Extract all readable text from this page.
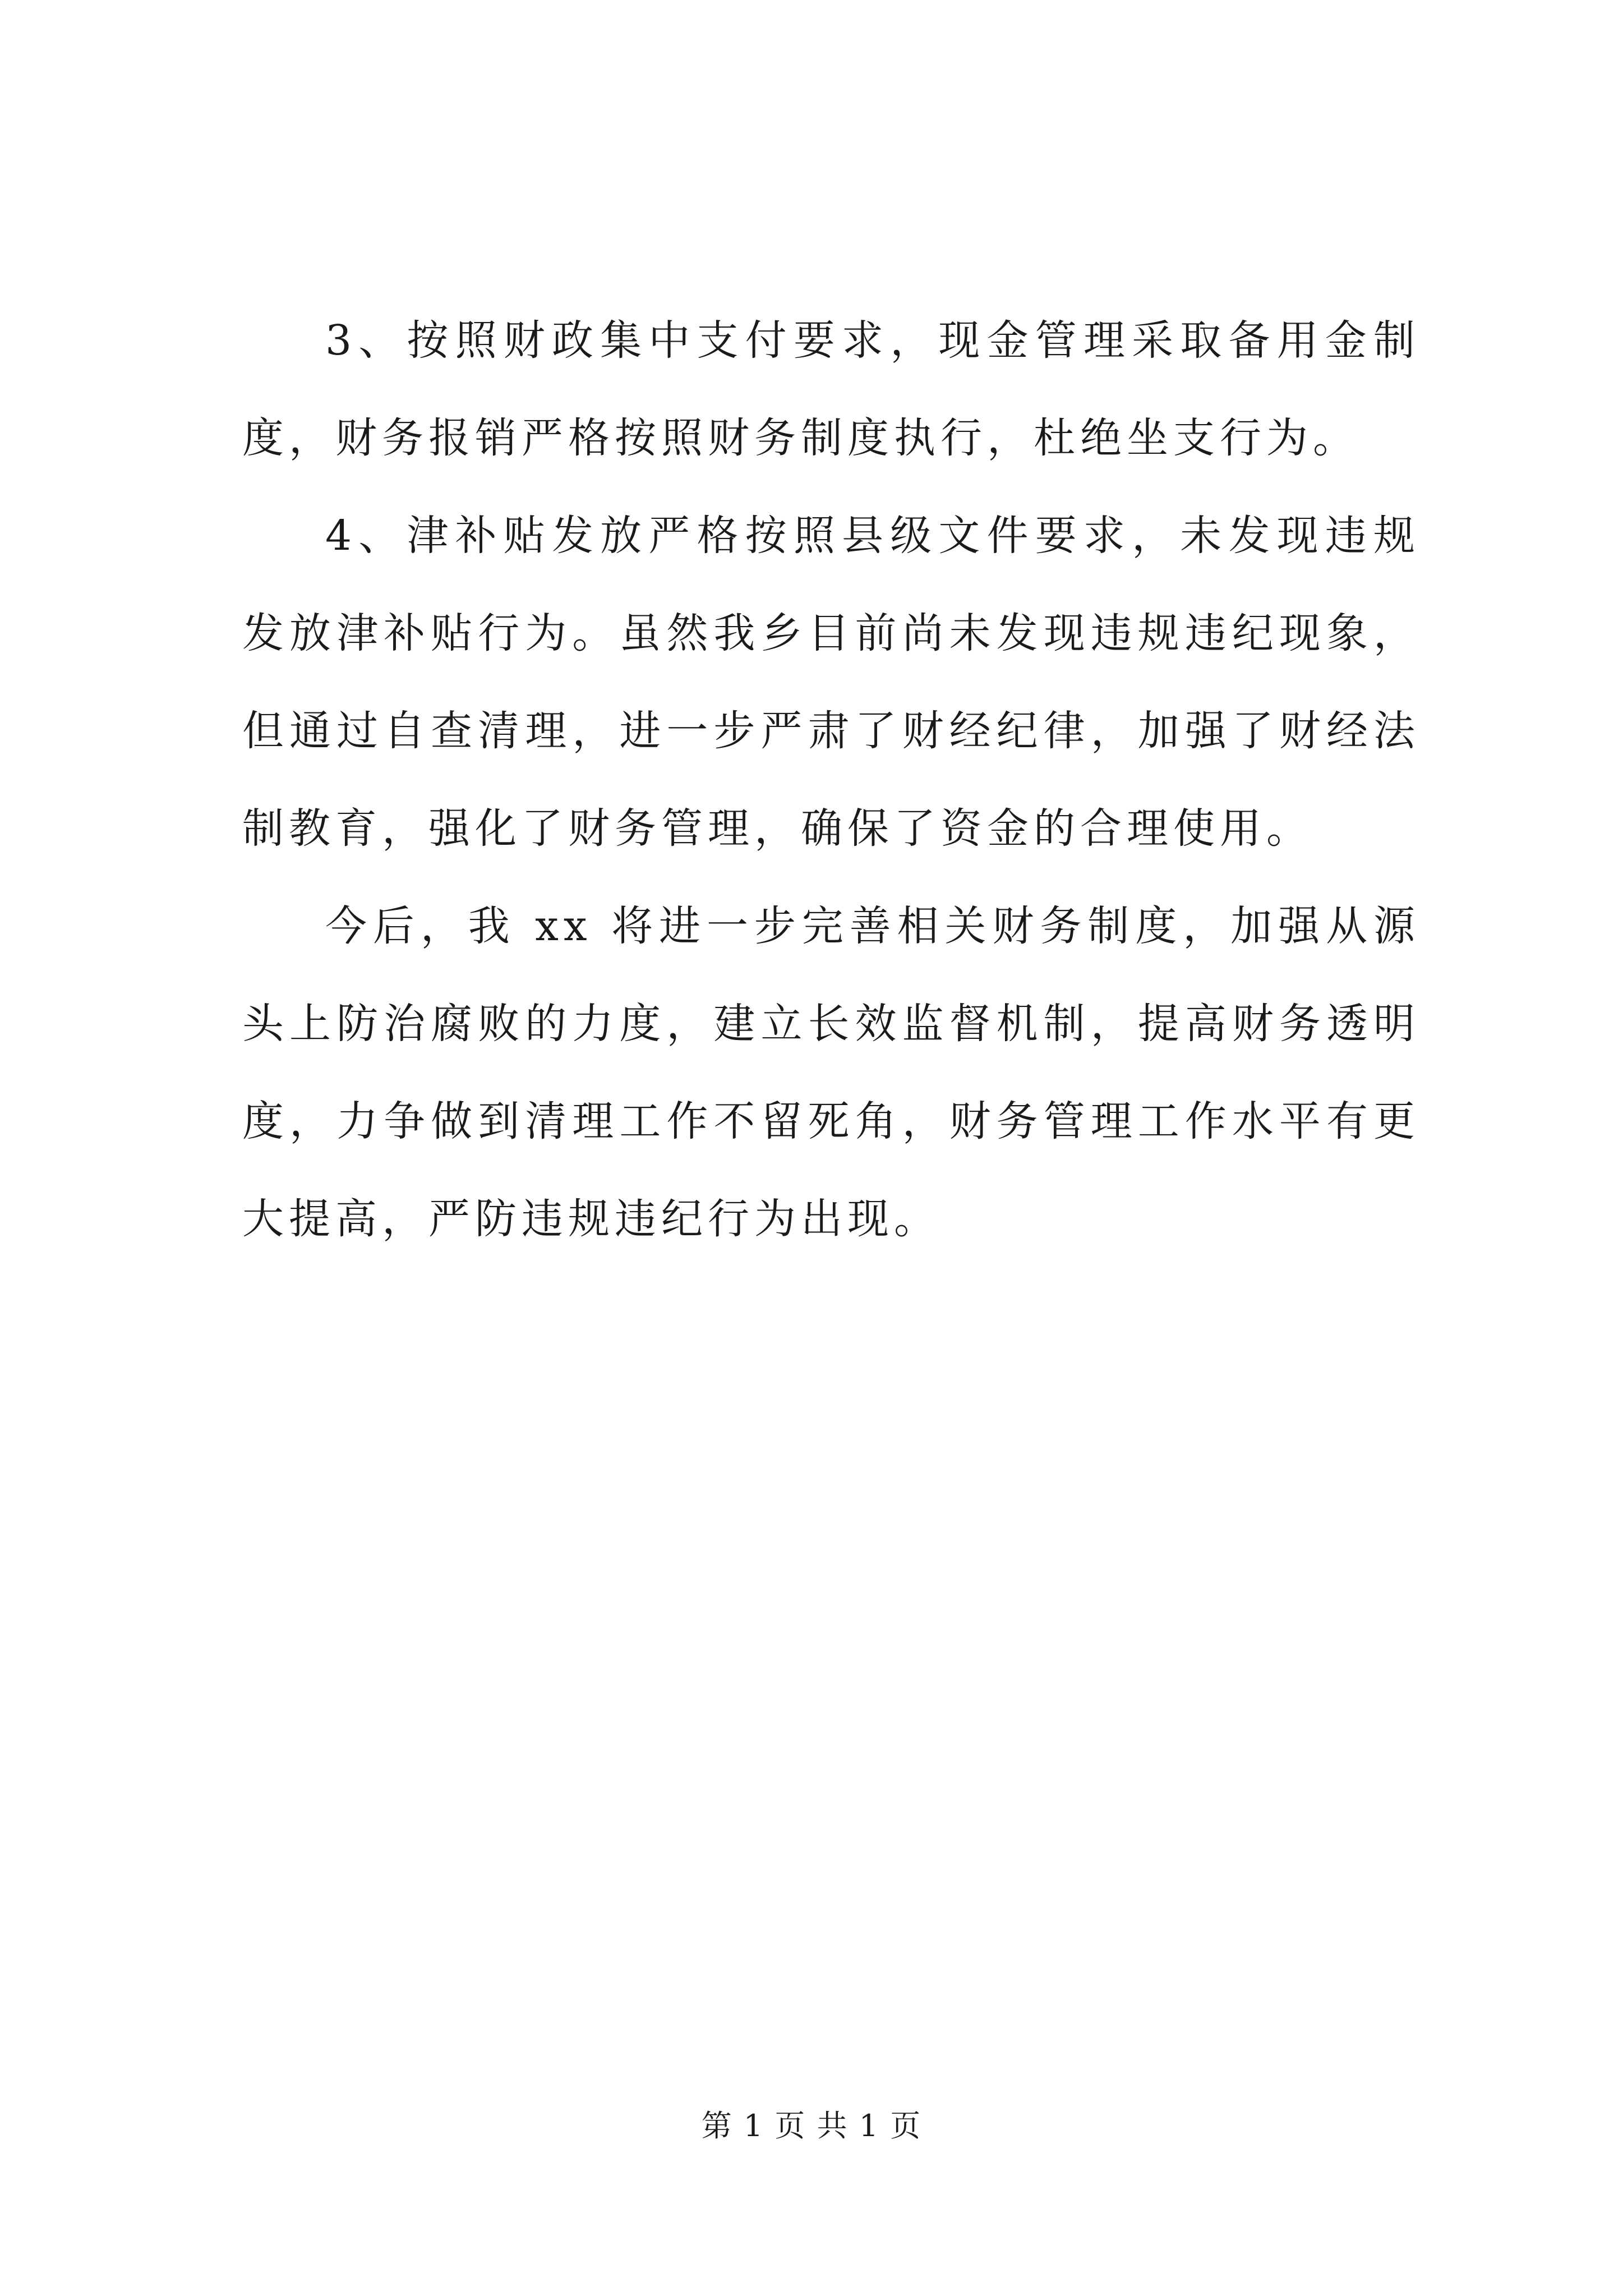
3、按照财政集中支付要求，现金管理采取备用金制度，财务报销严格按照财务制度执行，杜绝坐支行为。

4、津补贴发放严格按照县级文件要求，未发现违规发放津补贴行为。虽然我乡目前尚未发现违规违纪现象，但通过自查清理，进一步严肃了财经纪律，加强了财经法制教育，强化了财务管理，确保了资金的合理使用。

今后，我 xx 将进一步完善相关财务制度，加强从源头上防治腐败的力度，建立长效监督机制，提高财务透明度，力争做到清理工作不留死角，财务管理工作水平有更大提高，严防违规违纪行为出现。

第 1 页 共 1 页
